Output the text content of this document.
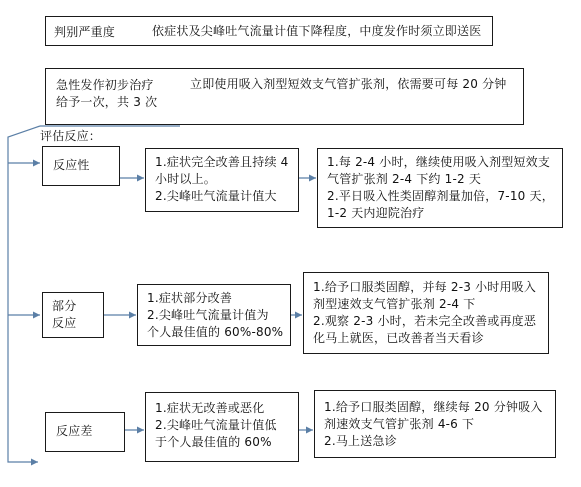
判别严重度	依症状及尖峰吐气流量计值下降程度，中度发作时须立即送医
急性发作初步治疗
给予一次，共 3 次
立即使用吸入剂型短效支气管扩张剂，依需要可每 20 分钟
评估反应：
反应性	1.症状完全改善且持续 4
小时以上。
2.尖峰吐气流量计值大
1.每 2-4 小时，继续使用吸入剂型短效支
气管扩张剂 2-4 下约 1-2 天
2.平日吸入性类固醇剂量加倍，7-10 天，
1-2 天内迎院治疗
部分
反应
1.症状部分改善
2.尖峰吐气流量计值为
个人最佳值的 60%-80%
1.给予口服类固醇，并每 2-3 小时用吸入
剂型速效支气管扩张剂 2-4 下
2.观察 2-3 小时，若未完全改善或再度恶
化马上就医，已改善者当天看诊
反应差
1.症状无改善或恶化
2.尖峰吐气流量计值低
于个人最佳值的 60%
1.给予口服类固醇，继续每 20 分钟吸入
剂速效支气管扩张剂 4-6 下
2.马上送急诊
